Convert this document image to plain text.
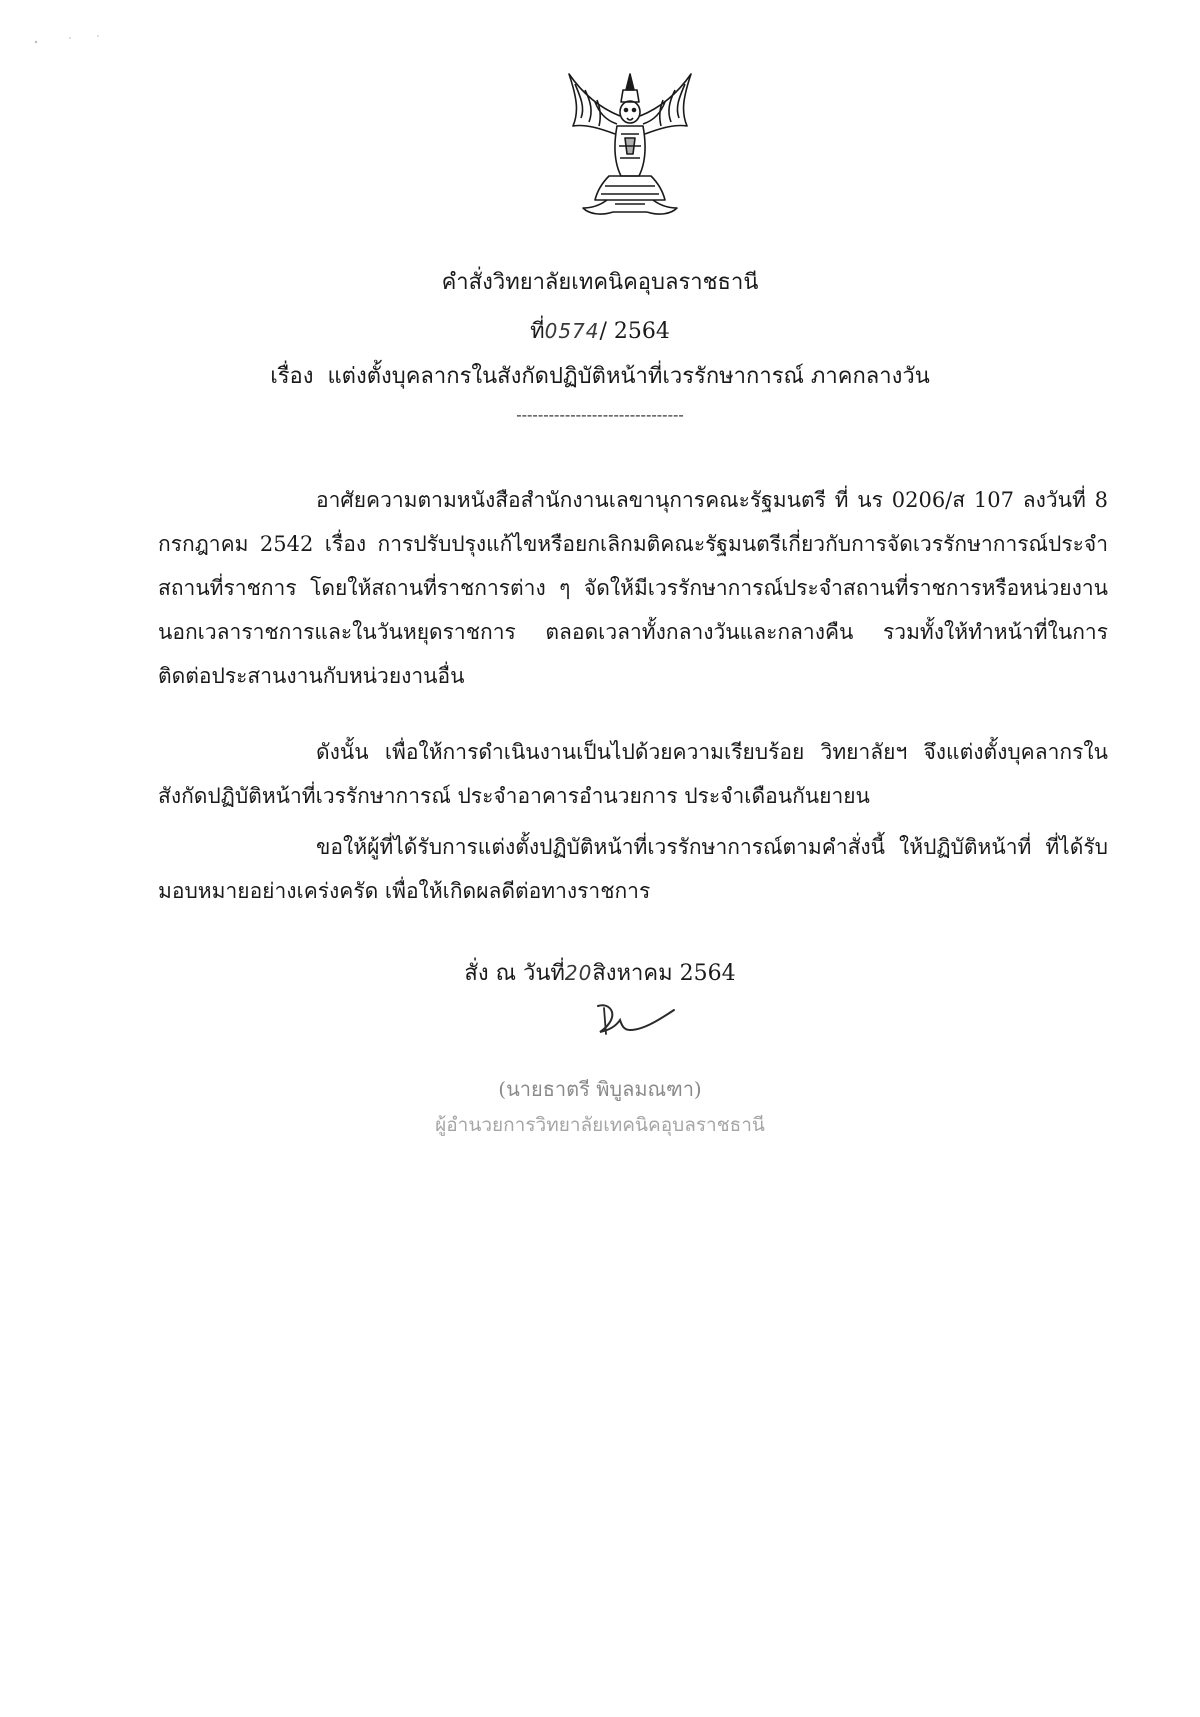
คำสั่งวิทยาลัยเทคนิคอุบลราชธานี
ที่0574/ 2564
เรื่อง แต่งตั้งบุคลากรในสังกัดปฏิบัติหน้าที่เวรรักษาการณ์ ภาคกลางวัน
-------------------------------
อาศัยความตามหนังสือสำนักงานเลขานุการคณะรัฐมนตรี ที่ นร 0206/ส 107 ลงวันที่ 8 กรกฎาคม 2542 เรื่อง การปรับปรุงแก้ไขหรือยกเลิกมติคณะรัฐมนตรีเกี่ยวกับการจัดเวรรักษาการณ์ประจำสถานที่ราชการ โดยให้สถานที่ราชการต่าง ๆ จัดให้มีเวรรักษาการณ์ประจำสถานที่ราชการหรือหน่วยงานนอกเวลาราชการและในวันหยุดราชการ ตลอดเวลาทั้งกลางวันและกลางคืน รวมทั้งให้ทำหน้าที่ในการติดต่อประสานงานกับหน่วยงานอื่น
ดังนั้น เพื่อให้การดำเนินงานเป็นไปด้วยความเรียบร้อย วิทยาลัยฯ จึงแต่งตั้งบุคลากรในสังกัดปฏิบัติหน้าที่เวรรักษาการณ์ ประจำอาคารอำนวยการ ประจำเดือนกันยายน
ขอให้ผู้ที่ได้รับการแต่งตั้งปฏิบัติหน้าที่เวรรักษาการณ์ตามคำสั่งนี้ ให้ปฏิบัติหน้าที่ ที่ได้รับมอบหมายอย่างเคร่งครัด เพื่อให้เกิดผลดีต่อทางราชการ
สั่ง ณ วันที่20สิงหาคม 2564
(นายธาตรี พิบูลมณฑา)
ผู้อำนวยการวิทยาลัยเทคนิคอุบลราชธานี
